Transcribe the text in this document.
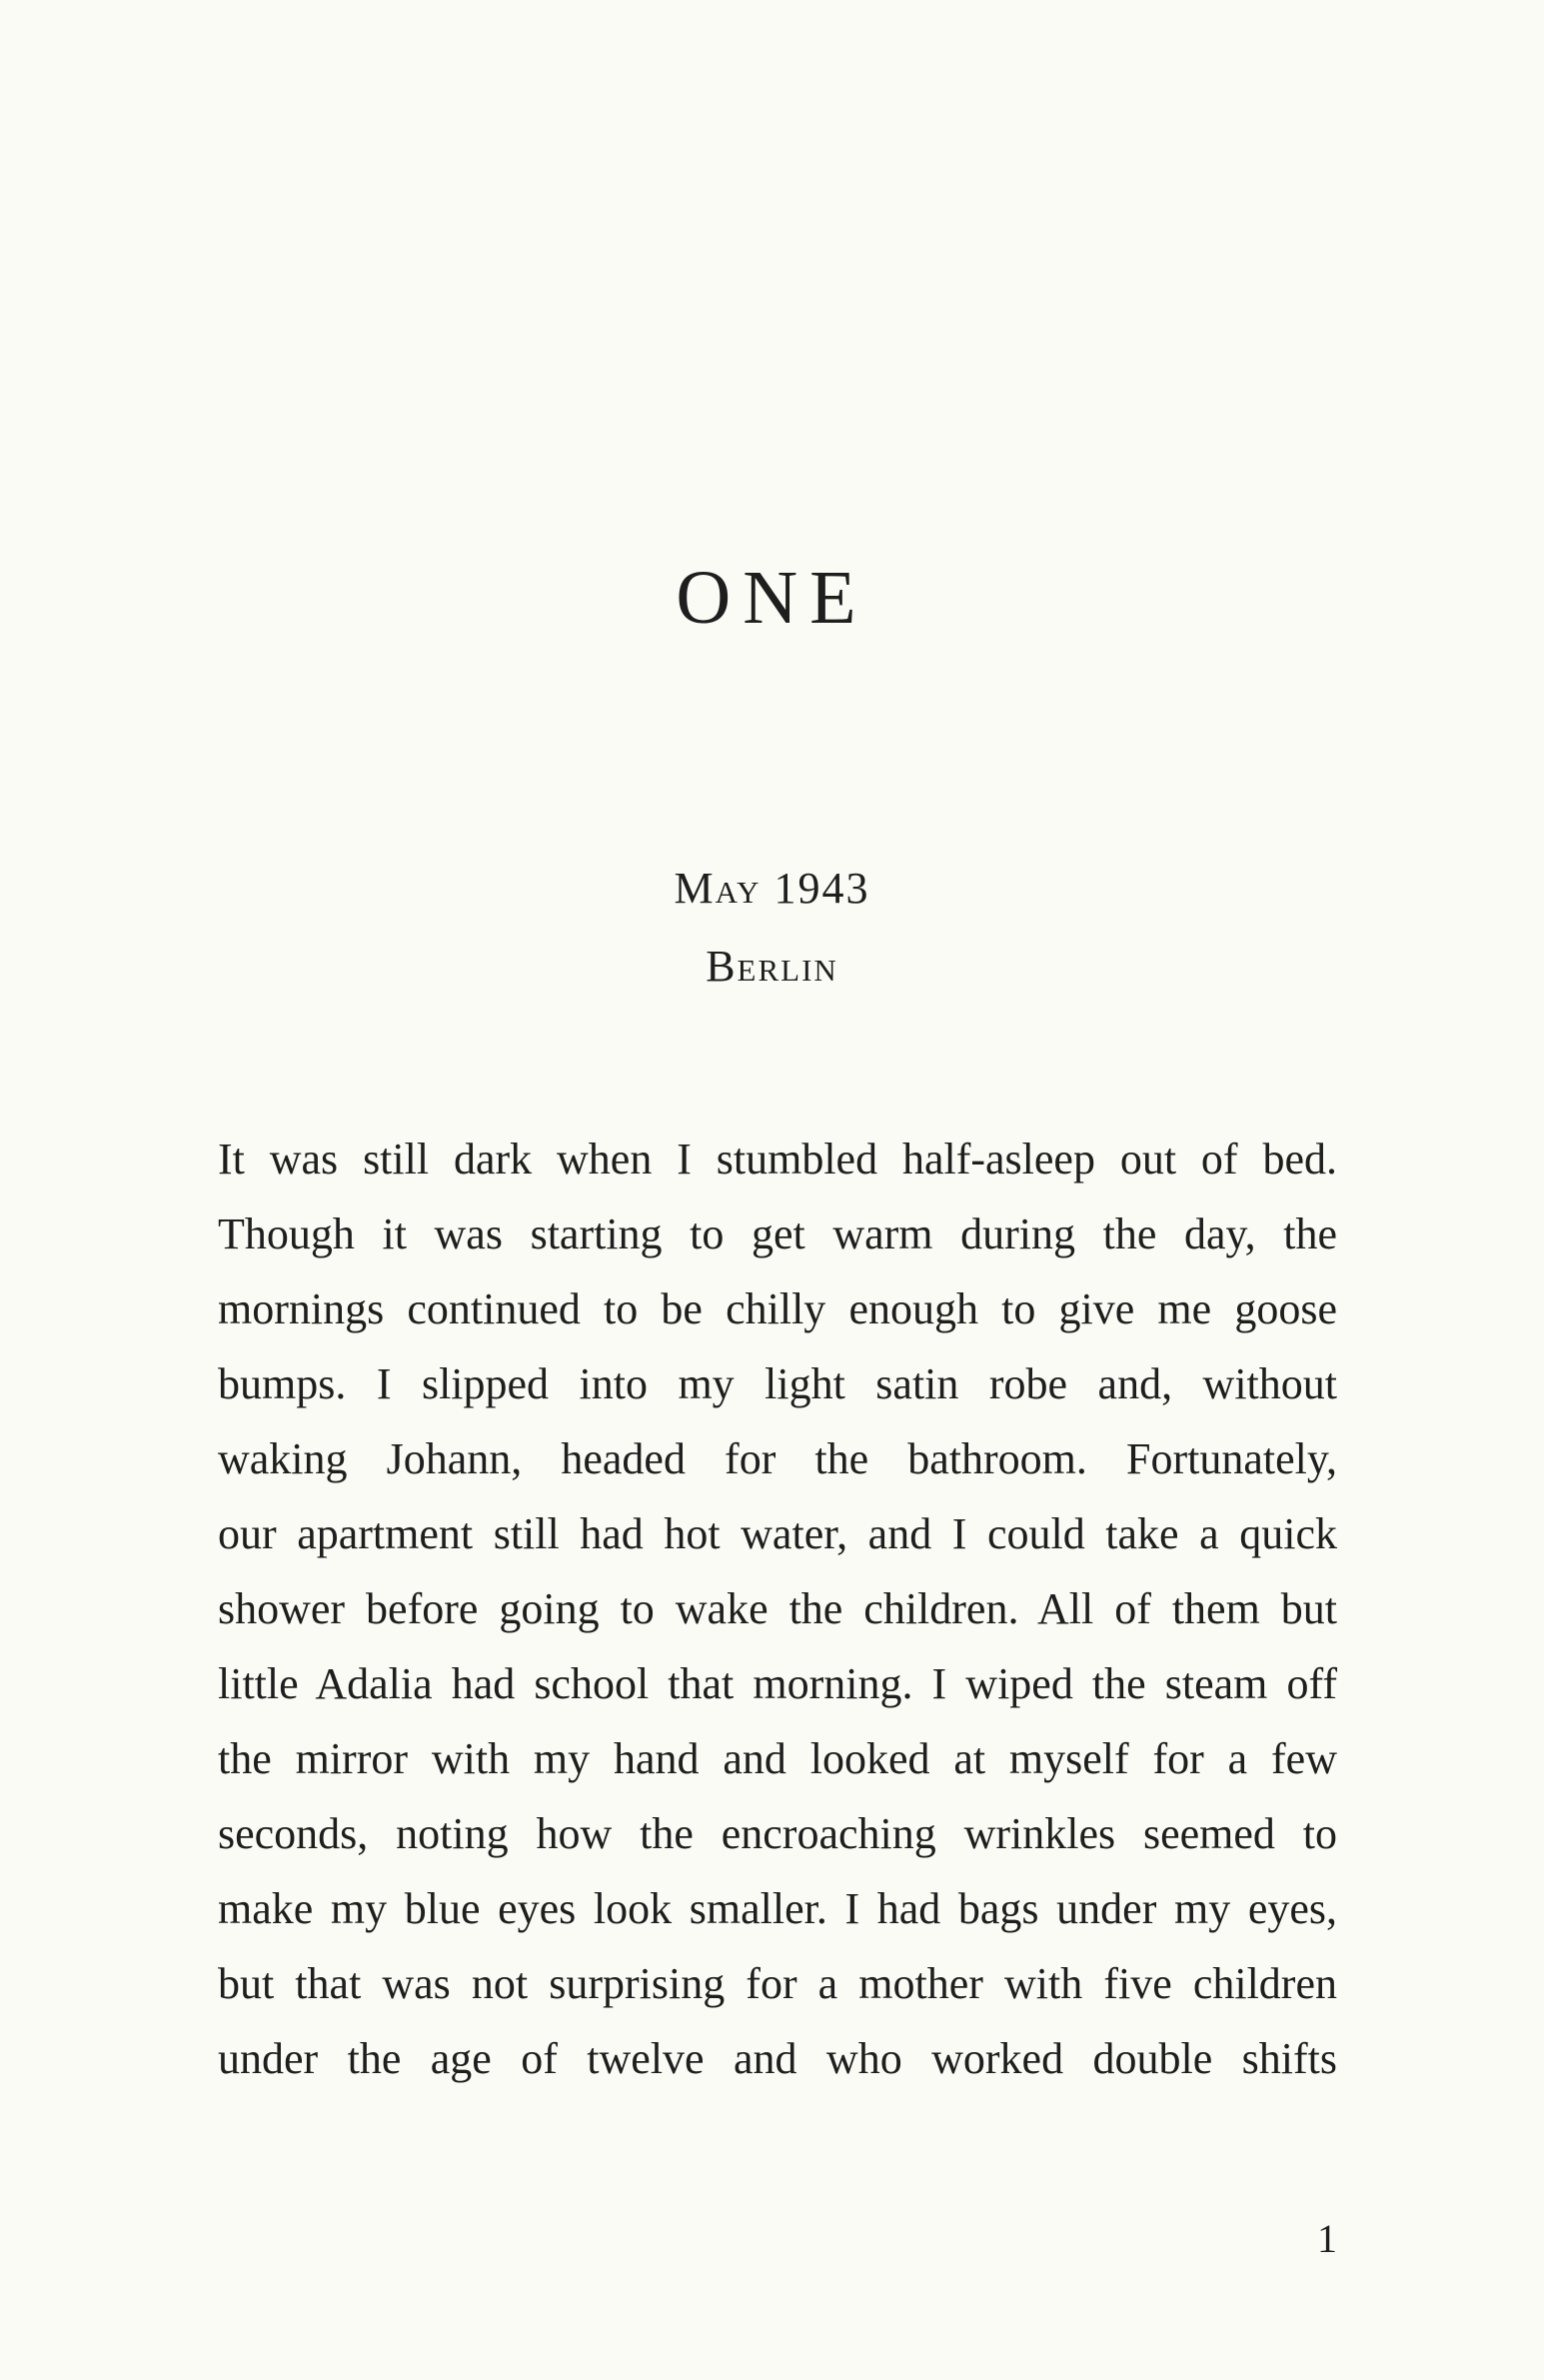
ONE
May 1943
Berlin
It was still dark when I stumbled half-asleep out of bed.
Though it was starting to get warm during the day, the
mornings continued to be chilly enough to give me goose
bumps. I slipped into my light satin robe and, without
waking Johann, headed for the bathroom. Fortunately,
our apartment still had hot water, and I could take a quick
shower before going to wake the children. All of them but
little Adalia had school that morning. I wiped the steam off
the mirror with my hand and looked at myself for a few
seconds, noting how the encroaching wrinkles seemed to
make my blue eyes look smaller. I had bags under my eyes,
but that was not surprising for a mother with five children
under the age of twelve and who worked double shifts
1
